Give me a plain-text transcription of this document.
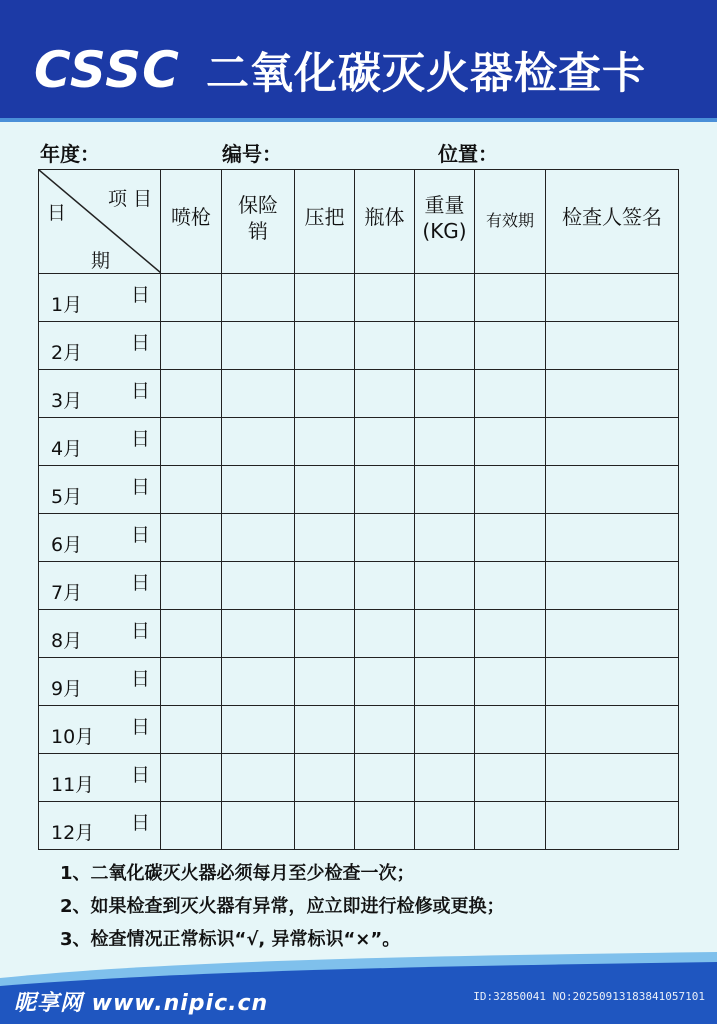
CSSC 二氧化碳灭火器检查卡
年度：	编号：	位置：
项 目
日
期	喷枪	保险销	压把	瓶体	重量(KG)	有效期	检查人签名

1月 日							

2月 日							

3月 日							

4月 日							

5月 日							

6月 日							

7月 日							

8月 日							

9月 日							

10月 日							

11月 日							

12月 日							

1、二氧化碳灭火器必须每月至少检查一次；
2、如果检查到灭火器有异常，应立即进行检修或更换；
3、检查情况正常标识“√, 异常标识“×”。
昵享网 www.nipic.cn	ID:32850041 NO:20250913183841057101
